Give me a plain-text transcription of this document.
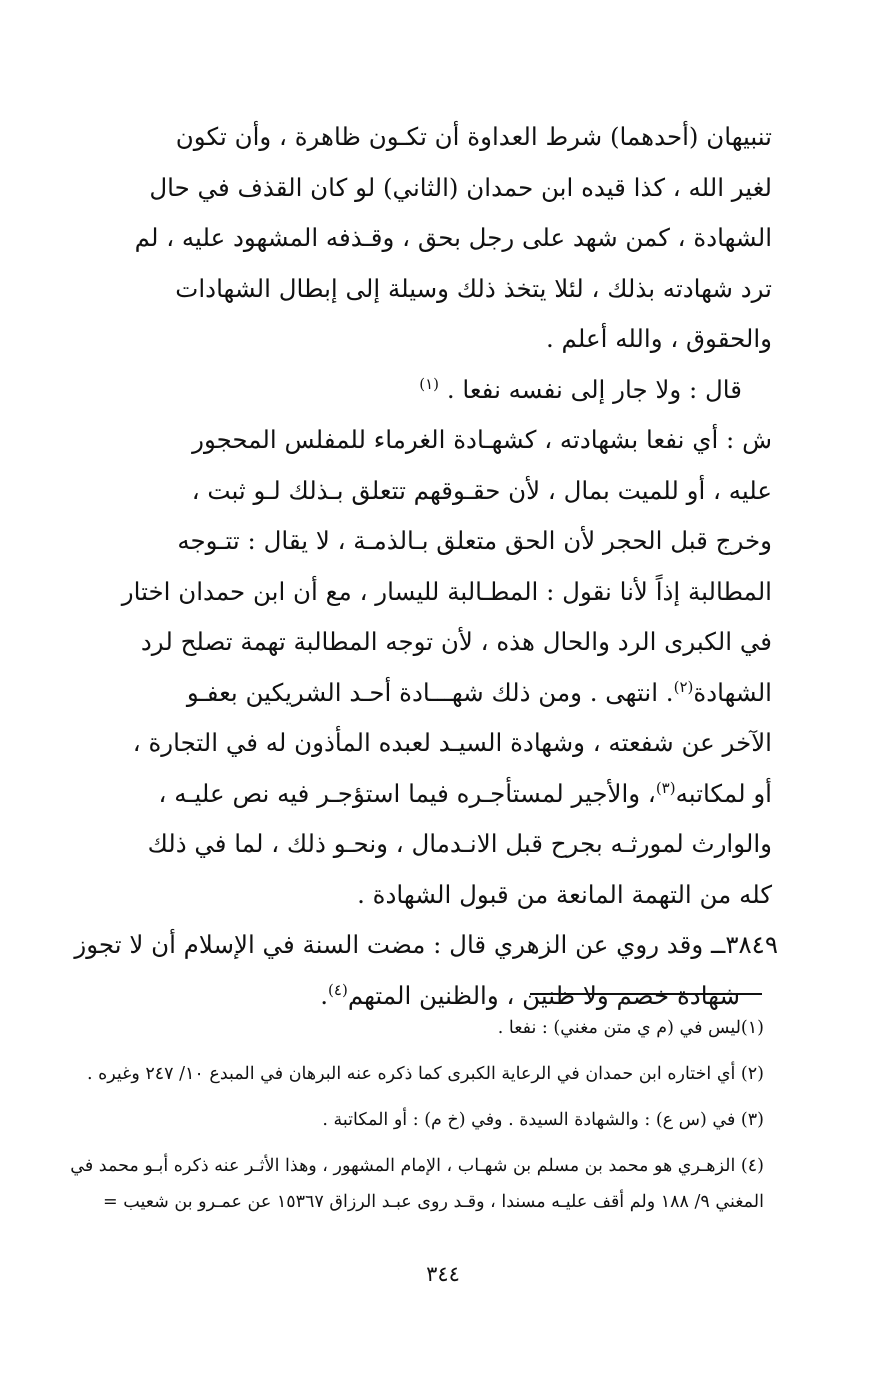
تنبيهان (أحدهما) شرط العداوة أن تكـون ظاهرة ، وأن تكون
لغير الله ، كذا قيده ابن حمدان (الثاني) لو كان القذف في حال
الشهادة ، كمن شهد على رجل بحق ، وقـذفه المشهود عليه ، لم
ترد شهادته بذلك ، لئلا يتخذ ذلك وسيلة إلى إبطال الشهادات
والحقوق ، والله أعلم .
قال : ولا جار إلى نفسه نفعا . $^{(١)}$
ش : أي نفعا بشهادته ، كشهـادة الغرماء للمفلس المحجور
عليه ، أو للميت بمال ، لأن حقـوقهم تتعلق بـذلك لـو ثبت ،
وخرج قبل الحجر لأن الحق متعلق بـالذمـة ، لا يقال : تتـوجه
المطالبة إذاً لأنا نقول : المطـالبة لليسار ، مع أن ابن حمدان اختار
في الكبرى الرد والحال هذه ، لأن توجه المطالبة تهمة تصلح لرد
الشهادة$^{(٢)}$. انتهى . ومن ذلك شهـــادة أحـد الشريكين بعفـو
الآخر عن شفعته ، وشهادة السيـد لعبده المأذون له في التجارة ،
أو لمكاتبه$^{(٣)}$، والأجير لمستأجـره فيما استؤجـر فيه نص عليـه ،
والوارث لمورثـه بجرح قبل الانـدمال ، ونحـو ذلك ، لما في ذلك
كله من التهمة المانعة من قبول الشهادة .
٣٨٤٩ــ وقد روي عن الزهري قال : مضت السنة في الإسلام أن لا تجوز
شهادة خصم ولا ظنين ، والظنين المتهم$^{(٤)}$.
(١)ليس في (م ي متن مغني) : نفعا .
(٢) أي اختاره ابن حمدان في الرعاية الكبرى كما ذكره عنه البرهان في المبدع ١٠/ ٢٤٧ وغيره .
(٣) في (س ع) : والشهادة السيدة . وفي (خ م) : أو المكاتبة .
(٤) الزهـري هو محمد بن مسلم بن شهـاب ، الإمام المشهور ، وهذا الأثـر عنه ذكره أبـو محمد في
المغني ٩/ ١٨٨ ولم أقف عليـه مسندا ، وقـد روى عبـد الرزاق ١٥٣٦٧ عن عمـرو بن شعيب =
٣٤٤
